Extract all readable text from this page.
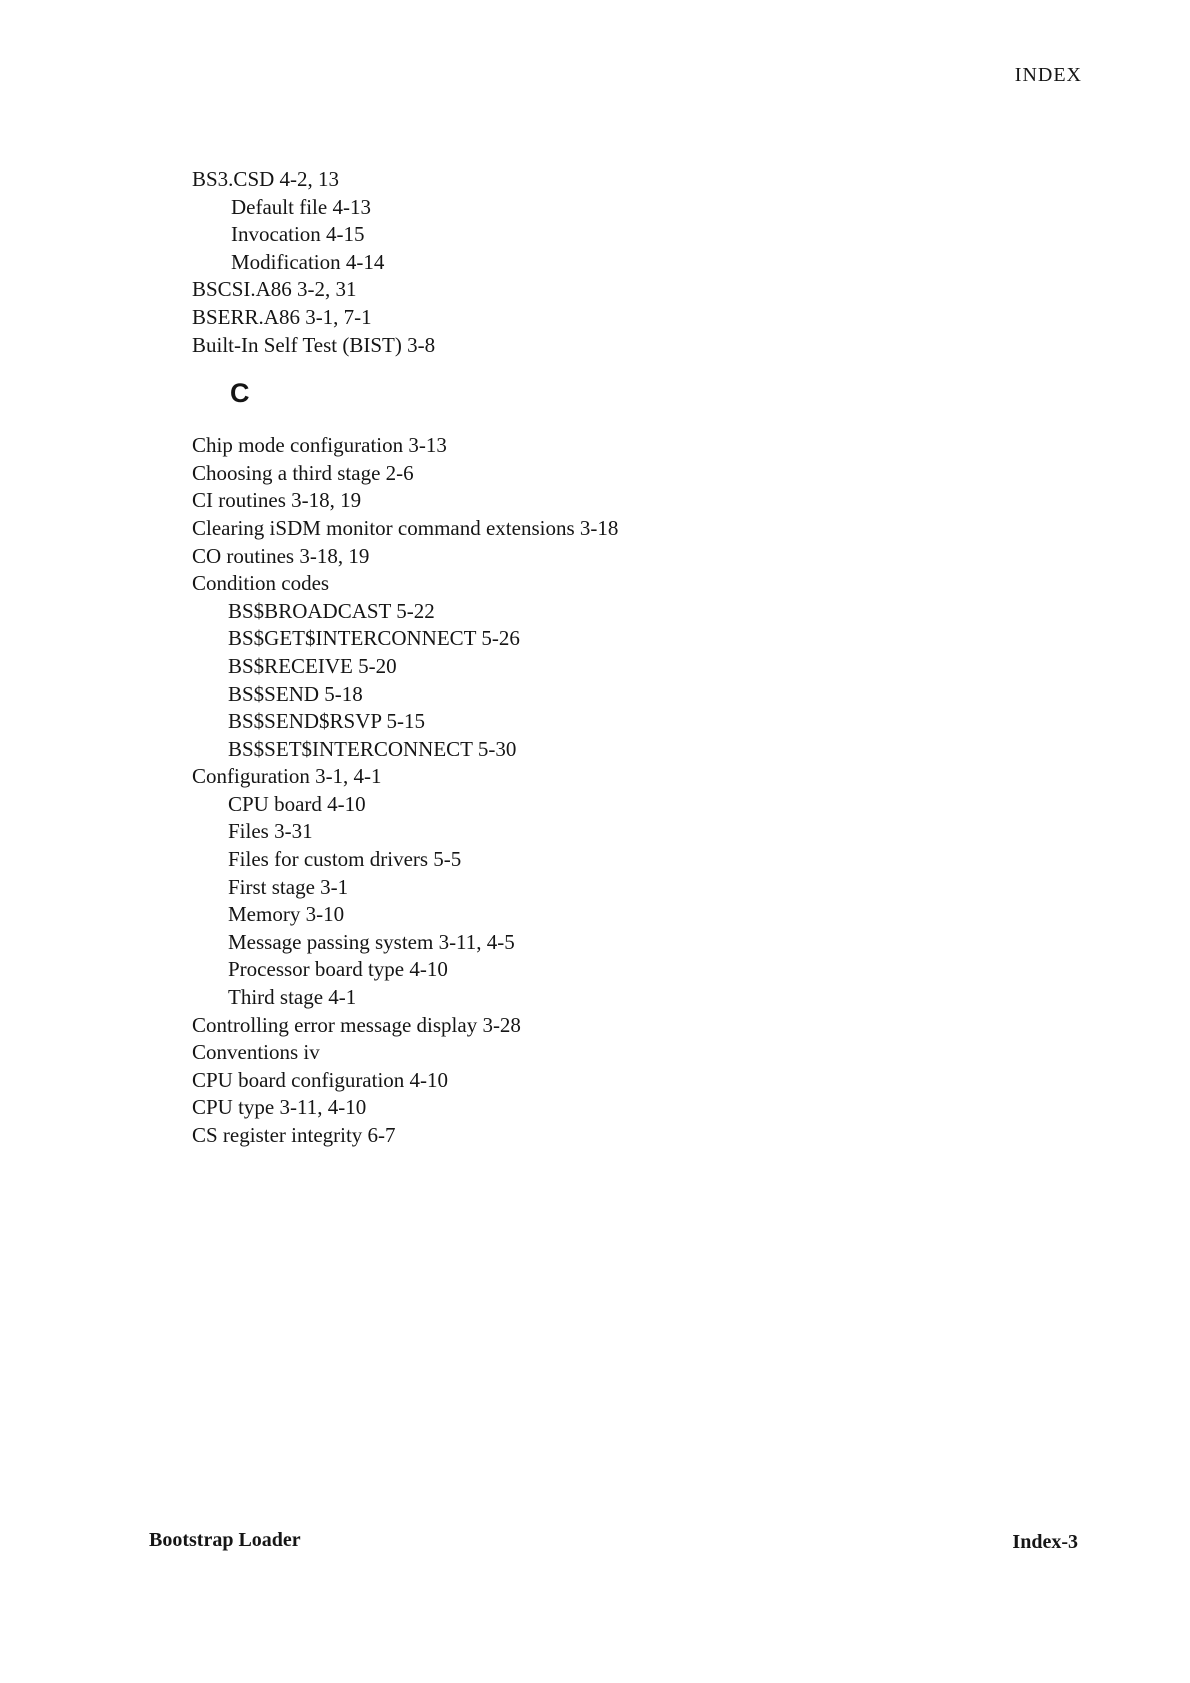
INDEX
BS3.CSD 4-2, 13
Default file 4-13
Invocation 4-15
Modification 4-14
BSCSI.A86 3-2, 31
BSERR.A86 3-1, 7-1
Built-In Self Test (BIST) 3-8
C
Chip mode configuration 3-13
Choosing a third stage 2-6
CI routines 3-18, 19
Clearing iSDM monitor command extensions 3-18
CO routines 3-18, 19
Condition codes
BS$BROADCAST 5-22
BS$GET$INTERCONNECT 5-26
BS$RECEIVE 5-20
BS$SEND 5-18
BS$SEND$RSVP 5-15
BS$SET$INTERCONNECT 5-30
Configuration 3-1, 4-1
CPU board 4-10
Files 3-31
Files for custom drivers 5-5
First stage 3-1
Memory 3-10
Message passing system 3-11, 4-5
Processor board type 4-10
Third stage 4-1
Controlling error message display 3-28
Conventions iv
CPU board configuration 4-10
CPU type 3-11, 4-10
CS register integrity 6-7
Bootstrap Loader	Index-3
